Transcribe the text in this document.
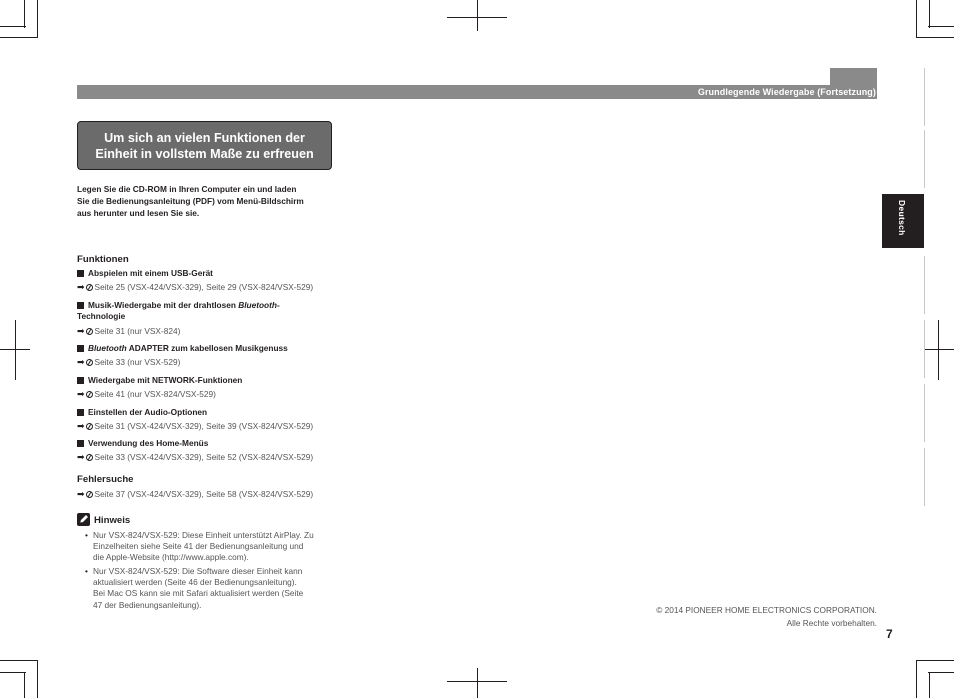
Grundlegende Wiedergabe (Fortsetzung)
Um sich an vielen Funktionen der
Einheit in vollstem Maße zu erfreuen
Legen Sie die CD-ROM in Ihren Computer ein und laden
Sie die Bedienungsanleitung (PDF) vom Menü-Bildschirm
aus herunter und lesen Sie sie.
Funktionen
Abspielen mit einem USB-Gerät
➡ Seite 25 (VSX-424/VSX-329), Seite 29 (VSX-824/VSX-529)
Musik-Wiedergabe mit der drahtlosen Bluetooth-
Technologie
➡ Seite 31 (nur VSX-824)
Bluetooth ADAPTER zum kabellosen Musikgenuss
➡ Seite 33 (nur VSX-529)
Wiedergabe mit NETWORK-Funktionen
➡ Seite 41 (nur VSX-824/VSX-529)
Einstellen der Audio-Optionen
➡ Seite 31 (VSX-424/VSX-329), Seite 39 (VSX-824/VSX-529)
Verwendung des Home-Menüs
➡ Seite 33 (VSX-424/VSX-329), Seite 52 (VSX-824/VSX-529)
Fehlersuche
➡ Seite 37 (VSX-424/VSX-329), Seite 58 (VSX-824/VSX-529)
Hinweis
• Nur VSX-824/VSX-529: Diese Einheit unterstützt AirPlay. Zu
Einzelheiten siehe Seite 41 der Bedienungsanleitung und
die Apple-Website (http://www.apple.com).
• Nur VSX-824/VSX-529: Die Software dieser Einheit kann
aktualisiert werden (Seite 46 der Bedienungsanleitung).
Bei Mac OS kann sie mit Safari aktualisiert werden (Seite
47 der Bedienungsanleitung).
Deutsch
© 2014 PIONEER HOME ELECTRONICS CORPORATION.
Alle Rechte vorbehalten.
7
